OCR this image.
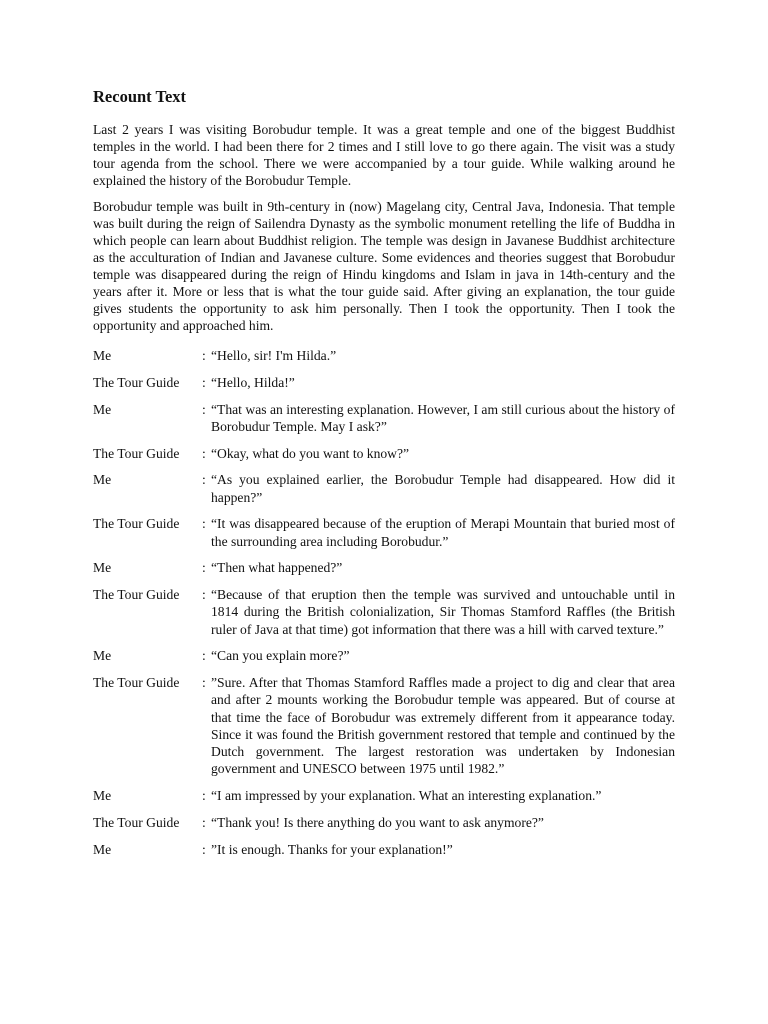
Recount Text

Last 2 years I was visiting Borobudur temple. It was a great temple and one of the biggest Buddhist temples in the world. I had been there for 2 times and I still love to go there again. The visit was a study tour agenda from the school. There we were accompanied by a tour guide. While walking around he explained the history of the Borobudur Temple.

Borobudur temple was built in 9th-century in (now) Magelang city, Central Java, Indonesia. That temple was built during the reign of Sailendra Dynasty as the symbolic monument retelling the life of Buddha in which people can learn about Buddhist religion. The temple was design in Javanese Buddhist architecture as the acculturation of Indian and Javanese culture. Some evidences and theories suggest that Borobudur temple was disappeared during the reign of Hindu kingdoms and Islam in java in 14th-century and the years after it. More or less that is what the tour guide said. After giving an explanation, the tour guide gives students the opportunity to ask him personally. Then I took the opportunity. Then I took the opportunity and approached him.

Me	: “Hello, sir! I'm Hilda.”
The Tour Guide	: “Hello, Hilda!”
Me	: “That was an interesting explanation. However, I am still curious about the history of Borobudur Temple. May I ask?”
The Tour Guide	: “Okay, what do you want to know?”
Me	: “As you explained earlier, the Borobudur Temple had disappeared. How did it happen?”
The Tour Guide	: “It was disappeared because of the eruption of Merapi Mountain that buried most of the surrounding area including Borobudur.”
Me	: “Then what happened?”
The Tour Guide	: “Because of that eruption then the temple was survived and untouchable until in 1814 during the British colonialization, Sir Thomas Stamford Raffles (the British ruler of Java at that time) got information that there was a hill with carved texture.”
Me	: “Can you explain more?”
The Tour Guide	: ”Sure. After that Thomas Stamford Raffles made a project to dig and clear that area and after 2 mounts working the Borobudur temple was appeared. But of course at that time the face of Borobudur was extremely different from it appearance today. Since it was found the British government restored that temple and continued by the Dutch government. The largest restoration was undertaken by Indonesian government and UNESCO between 1975 until 1982.”
Me	: “I am impressed by your explanation. What an interesting explanation.”
The Tour Guide	: “Thank you! Is there anything do you want to ask anymore?”
Me	: ”It is enough. Thanks for your explanation!”
